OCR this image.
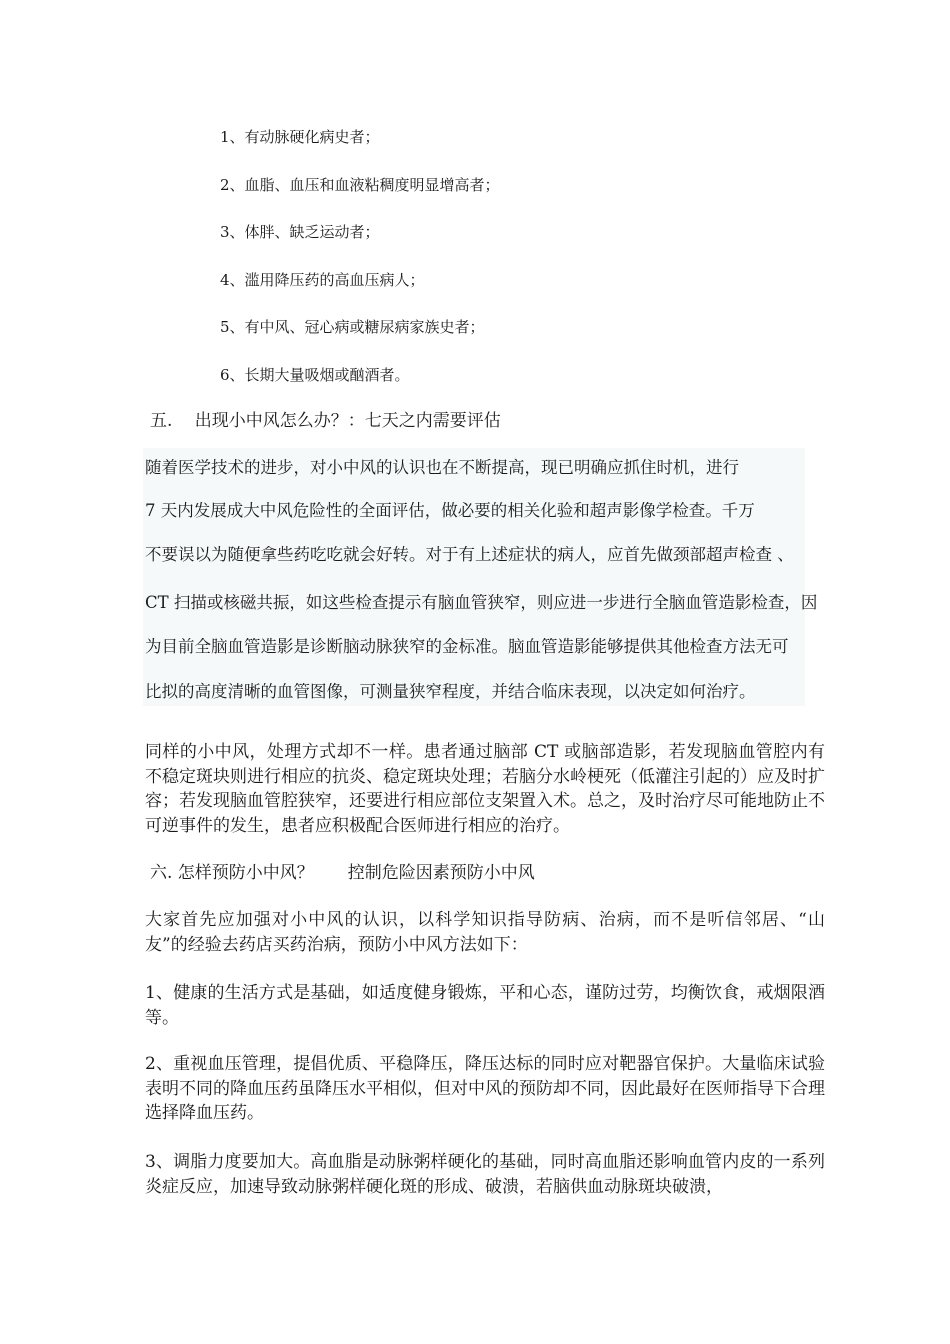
1、有动脉硬化病史者；
2、血脂、血压和血液粘稠度明显增高者；
3、体胖、缺乏运动者；
4、滥用降压药的高血压病人；
5、有中风、冠心病或糖尿病家族史者；
6、长期大量吸烟或酗酒者。
五.　 出现小中风怎么办？：七天之内需要评估
随着医学技术的进步，对小中风的认识也在不断提高，现已明确应抓住时机，进行
7 天内发展成大中风危险性的全面评估，做必要的相关化验和超声影像学检查。千万
不要误以为随便拿些药吃吃就会好转。对于有上述症状的病人，应首先做颈部超声检查 、
CT 扫描或核磁共振，如这些检查提示有脑血管狭窄，则应进一步进行全脑血管造影检查，因
为目前全脑血管造影是诊断脑动脉狭窄的金标准。脑血管造影能够提供其他检查方法无可
比拟的高度清晰的血管图像，可测量狭窄程度，并结合临床表现，以决定如何治疗。

同样的小中风，处理方式却不一样。患者通过脑部 CT 或脑部造影，若发现脑血管腔内有不稳定斑块则进行相应的抗炎、稳定斑块处理；若脑分水岭梗死（低灌注引起的）应及时扩容；若发现脑血管腔狭窄，还要进行相应部位支架置入术。总之，及时治疗尽可能地防止不可逆事件的发生，患者应积极配合医师进行相应的治疗。

六. 怎样预防小中风？　　控制危险因素预防小中风

大家首先应加强对小中风的认识，以科学知识指导防病、治病，而不是听信邻居、“山友”的经验去药店买药治病，预防小中风方法如下：

1、健康的生活方式是基础，如适度健身锻炼，平和心态，谨防过劳，均衡饮食，戒烟限酒等。

2、重视血压管理，提倡优质、平稳降压，降压达标的同时应对靶器官保护。大量临床试验表明不同的降血压药虽降压水平相似，但对中风的预防却不同，因此最好在医师指导下合理选择降血压药。

3、调脂力度要加大。高血脂是动脉粥样硬化的基础，同时高血脂还影响血管内皮的一系列炎症反应，加速导致动脉粥样硬化斑的形成、破溃，若脑供血动脉斑块破溃，
